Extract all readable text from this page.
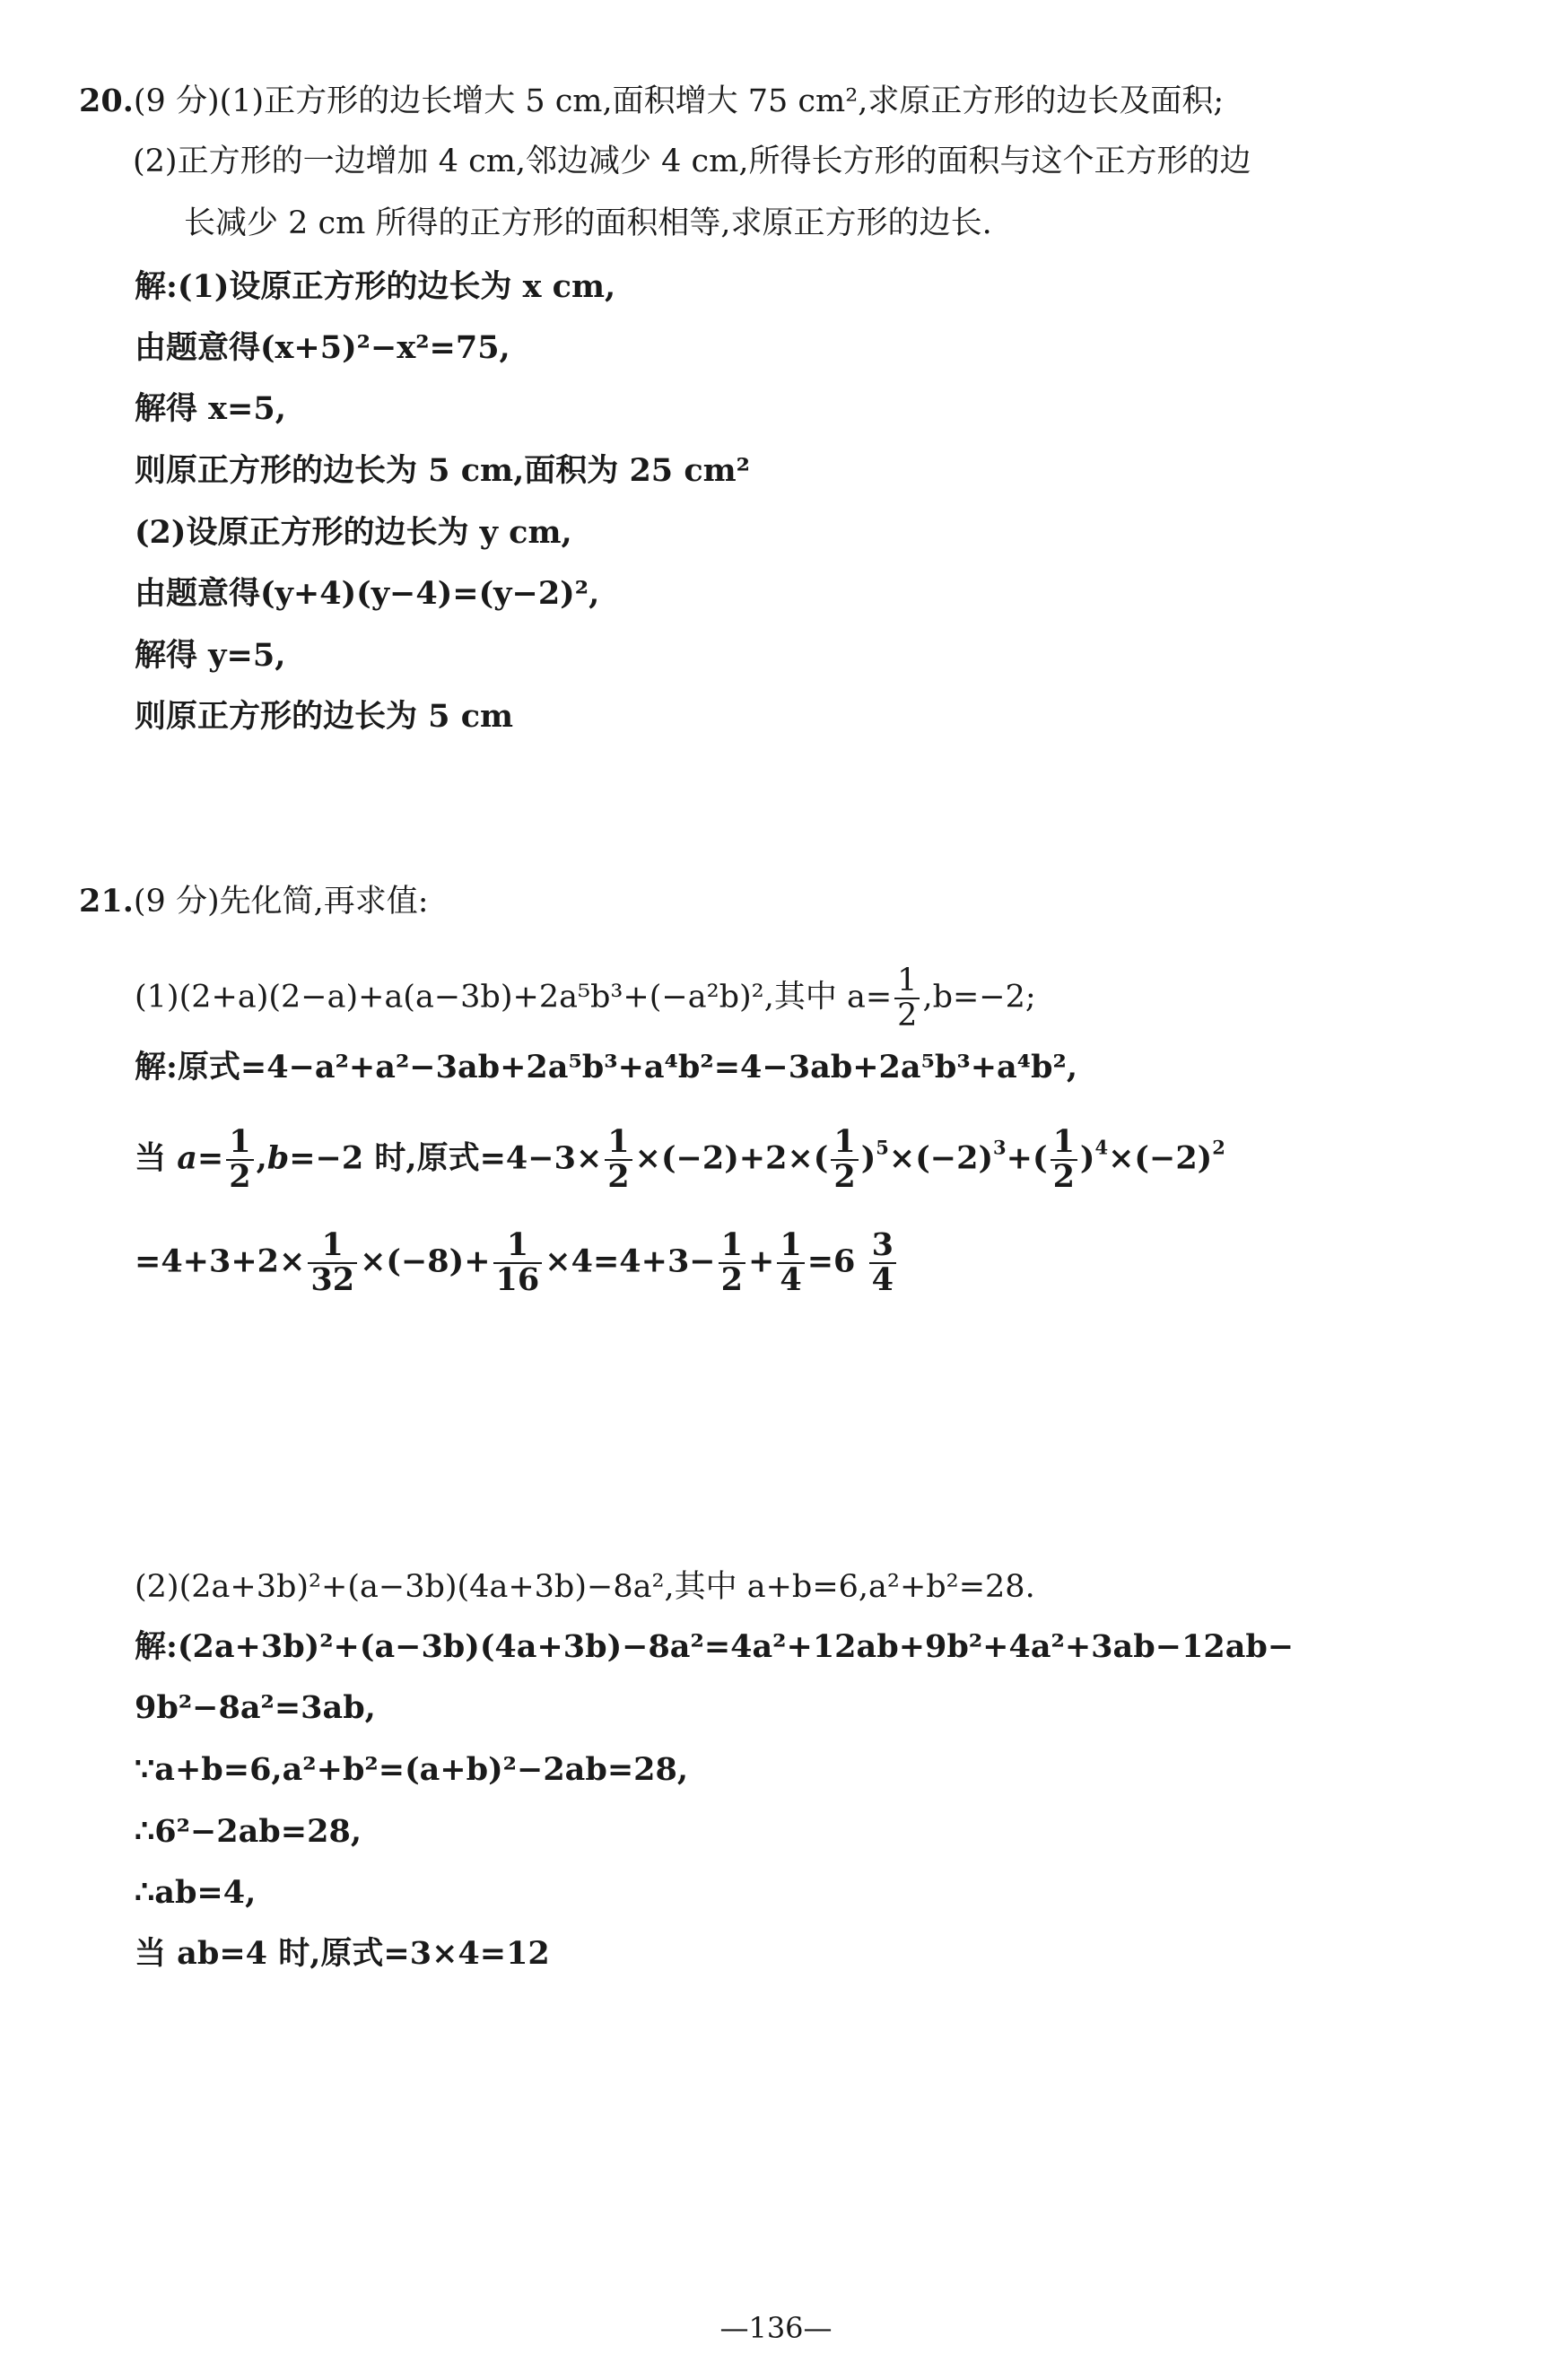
20.(9 分)(1)正方形的边长增大 5 cm,面积增大 75 cm²,求原正方形的边长及面积;
(2)正方形的一边增加 4 cm,邻边减少 4 cm,所得长方形的面积与这个正方形的边
长减少 2 cm 所得的正方形的面积相等,求原正方形的边长.
解:(1)设原正方形的边长为 x cm,
由题意得(x+5)²−x²=75,
解得 x=5,
则原正方形的边长为 5 cm,面积为 25 cm²
(2)设原正方形的边长为 y cm,
由题意得(y+4)(y−4)=(y−2)²,
解得 y=5,
则原正方形的边长为 5 cm
21.(9 分)先化简,再求值:
(1)(2+a)(2−a)+a(a−3b)+2a⁵b³+(−a²b)²,其中 $a= \frac{1}{2} ,b=-2$;
解:原式=4−a²+a²−3ab+2a⁵b³+a⁴b²=4−3ab+2a⁵b³+a⁴b²,
当 $a= \frac{1}{2} ,b=-2$ 时,原式$=4-3\times \frac{1}{2} \times(-2)+2\times( \frac{1}{2} )^5\times(-2)^3+( \frac{1}{2} )^4\times(-2)^2$
$=4+3+2\times \frac{1}{32} \times(-8)+ \frac{1}{16} \times 4=4+3- \frac{1}{2} + \frac{1}{4} =6 \frac{3}{4}$
(2)(2a+3b)²+(a−3b)(4a+3b)−8a²,其中 a+b=6,a²+b²=28.
解:(2a+3b)²+(a−3b)(4a+3b)−8a²=4a²+12ab+9b²+4a²+3ab−12ab−
9b²−8a²=3ab,
∵a+b=6,a²+b²=(a+b)²−2ab=28,
∴6²−2ab=28,
∴ab=4,
当 ab=4 时,原式=3×4=12
—136—
